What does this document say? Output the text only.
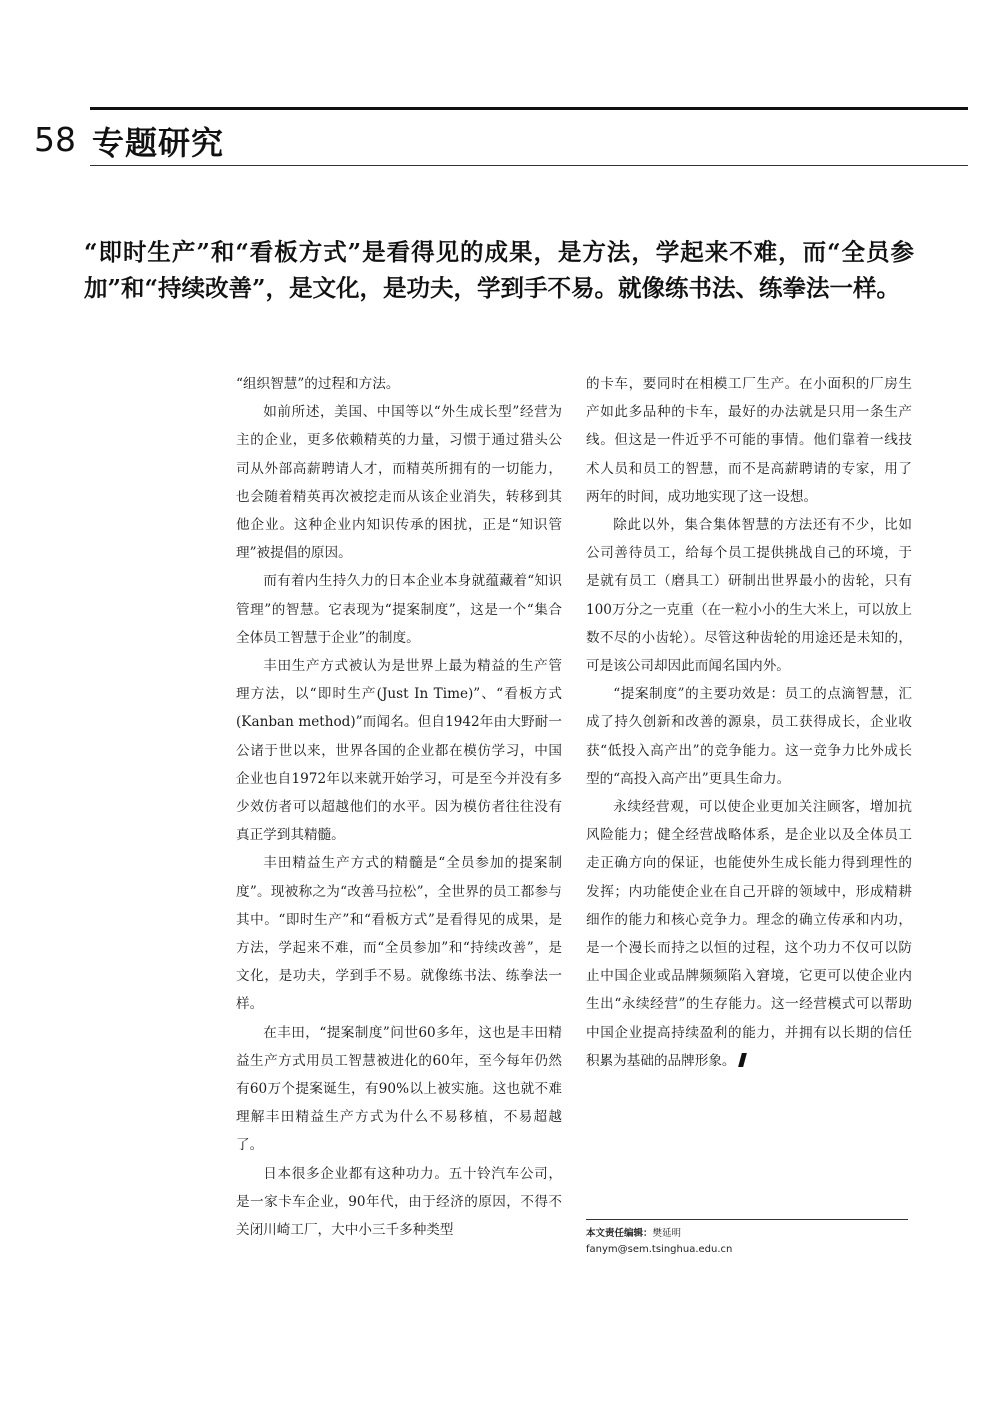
58 专题研究
“即时生产”和“看板方式”是看得见的成果，是方法，学起来不难，而“全员参加”和“持续改善”，是文化，是功夫，学到手不易。就像练书法、练拳法一样。

“组织智慧”的过程和方法。

如前所述，美国、中国等以“外生成长型”经营为主的企业，更多依赖精英的力量，习惯于通过猎头公司从外部高薪聘请人才，而精英所拥有的一切能力，也会随着精英再次被挖走而从该企业消失，转移到其他企业。这种企业内知识传承的困扰，正是“知识管理”被提倡的原因。

而有着内生持久力的日本企业本身就蕴藏着“知识管理”的智慧。它表现为“提案制度”，这是一个“集合全体员工智慧于企业”的制度。

丰田生产方式被认为是世界上最为精益的生产管理方法，以“即时生产(Just In Time)”、“看板方式(Kanban method)”而闻名。但自1942年由大野耐一公诸于世以来，世界各国的企业都在模仿学习，中国企业也自1972年以来就开始学习，可是至今并没有多少效仿者可以超越他们的水平。因为模仿者往往没有真正学到其精髓。

丰田精益生产方式的精髓是“全员参加的提案制度”。现被称之为“改善马拉松”，全世界的员工都参与其中。“即时生产”和“看板方式”是看得见的成果，是方法，学起来不难，而“全员参加”和“持续改善”，是文化，是功夫，学到手不易。就像练书法、练拳法一样。

在丰田，“提案制度”问世60多年，这也是丰田精益生产方式用员工智慧被进化的60年，至今每年仍然有60万个提案诞生，有90%以上被实施。这也就不难理解丰田精益生产方式为什么不易移植，不易超越了。

日本很多企业都有这种功力。五十铃汽车公司，是一家卡车企业，90年代，由于经济的原因，不得不关闭川崎工厂，大中小三千多种类型

的卡车，要同时在相模工厂生产。在小面积的厂房生产如此多品种的卡车，最好的办法就是只用一条生产线。但这是一件近乎不可能的事情。他们靠着一线技术人员和员工的智慧，而不是高薪聘请的专家，用了两年的时间，成功地实现了这一设想。

除此以外，集合集体智慧的方法还有不少，比如公司善待员工，给每个员工提供挑战自己的环境，于是就有员工（磨具工）研制出世界最小的齿轮，只有100万分之一克重（在一粒小小的生大米上，可以放上数不尽的小齿轮）。尽管这种齿轮的用途还是未知的，可是该公司却因此而闻名国内外。

“提案制度”的主要功效是：员工的点滴智慧，汇成了持久创新和改善的源泉，员工获得成长，企业收获“低投入高产出”的竞争能力。这一竞争力比外成长型的“高投入高产出”更具生命力。

永续经营观，可以使企业更加关注顾客，增加抗风险能力；健全经营战略体系，是企业以及全体员工走正确方向的保证，也能使外生成长能力得到理性的发挥；内功能使企业在自己开辟的领域中，形成精耕细作的能力和核心竞争力。理念的确立传承和内功，是一个漫长而持之以恒的过程，这个功力不仅可以防止中国企业或品牌频频陷入窘境，它更可以使企业内生出“永续经营”的生存能力。这一经营模式可以帮助中国企业提高持续盈利的能力，并拥有以长期的信任积累为基础的品牌形象。

本文责任编辑：樊延明
fanym@sem.tsinghua.edu.cn
